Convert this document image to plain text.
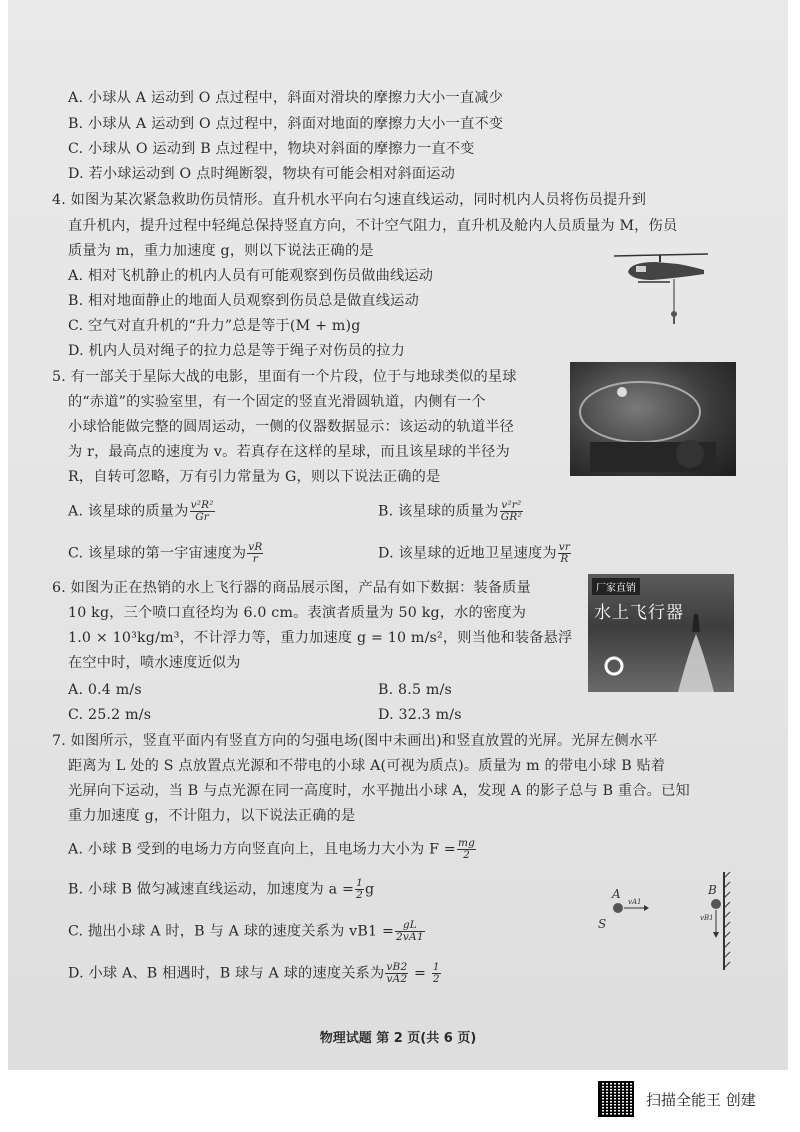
A. 小球从 A 运动到 O 点过程中，斜面对滑块的摩擦力大小一直减少
B. 小球从 A 运动到 O 点过程中，斜面对地面的摩擦力大小一直不变
C. 小球从 O 运动到 B 点过程中，物块对斜面的摩擦力一直不变
D. 若小球运动到 O 点时绳断裂，物块有可能会相对斜面运动
4. 如图为某次紧急救助伤员情形。直升机水平向右匀速直线运动，同时机内人员将伤员提升到
直升机内，提升过程中轻绳总保持竖直方向，不计空气阻力，直升机及舱内人员质量为 M，伤员
质量为 m，重力加速度 g，则以下说法正确的是
A. 相对飞机静止的机内人员有可能观察到伤员做曲线运动
B. 相对地面静止的地面人员观察到伤员总是做直线运动
C. 空气对直升机的“升力”总是等于(M + m)g
D. 机内人员对绳子的拉力总是等于绳子对伤员的拉力
5. 有一部关于星际大战的电影，里面有一个片段，位于与地球类似的星球
的“赤道”的实验室里，有一个固定的竖直光滑圆轨道，内侧有一个
小球恰能做完整的圆周运动，一侧的仪器数据显示：该运动的轨道半径
为 r，最高点的速度为 v。若真存在这样的星球，而且该星球的半径为
R，自转可忽略，万有引力常量为 G，则以下说法正确的是
A. 该星球的质量为 $\frac{\text{v²R²}}{Gr}$	B. 该星球的质量为 $\frac{\text{v²r²}}{\text{GR²}}$
C. 该星球的第一宇宙速度为 $\frac{vR}{r}$	D. 该星球的近地卫星速度为 $\frac{vr}{R}$
6. 如图为正在热销的水上飞行器的商品展示图，产品有如下数据：装备质量
10 kg，三个喷口直径均为 6.0 cm。表演者质量为 50 kg，水的密度为
1.0 × 10³kg/m³，不计浮力等，重力加速度 g = 10 m/s²，则当他和装备悬浮
在空中时，喷水速度近似为
厂家直销
水上飞行器
A. 0.4 m/s	B. 8.5 m/s
C. 25.2 m/s	D. 32.3 m/s
7. 如图所示，竖直平面内有竖直方向的匀强电场(图中未画出)和竖直放置的光屏。光屏左侧水平
距离为 L 处的 S 点放置点光源和不带电的小球 A(可视为质点)。质量为 m 的带电小球 B 贴着
光屏向下运动，当 B 与点光源在同一高度时，水平抛出小球 A，发现 A 的影子总与 B 重合。已知
重力加速度 g，不计阻力，以下说法正确的是
A. 小球 B 受到的电场力方向竖直向上，且电场力大小为 $F = \frac{mg}{2}$
B. 小球 B 做匀减速直线运动，加速度为 $a = \frac{1}{2}$ g
C. 抛出小球 A 时，B 与 A 球的速度关系为 $vB1 = \frac{gL}{2vA1}$
D. 小球 A、B 相遇时，B 球与 A 球的速度关系为 $\frac{vB2}{vA2} = \frac{1}{2}$
A
vA1
S
B
vB1
物理试题 第 2 页(共 6 页)
扫描全能王 创建
